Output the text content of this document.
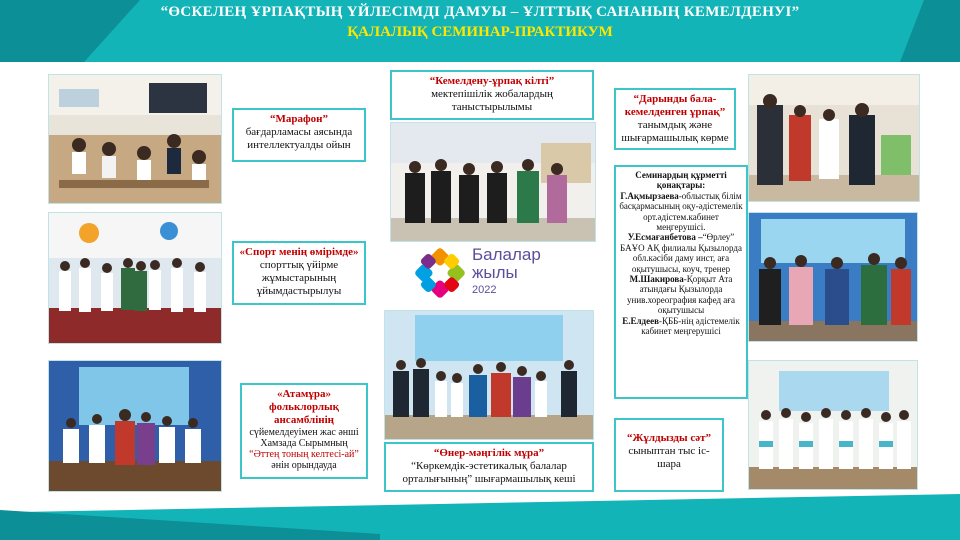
“ӨСКЕЛЕҢ ҰРПАҚТЫҢ ҮЙЛЕСІМДІ ДАМУЫ – ҰЛТТЫҚ САНАНЫҢ КЕМЕЛДЕНУІ”
ҚАЛАЛЫҚ СЕМИНАР-ПРАКТИКУМ
“Марафон”
бағдарламасы аясында интеллектуалды ойын
«Спорт менің өмірімде» спорттық үйірме жұмыстарының ұйымдастырылуы
«Атамұра» фольклорлық ансамблінің
сүйемелдеуімен жас әнші Хамзада Сырымның
“Әттең тоның келтесі-ай” әнін орындауда
“Кемелдену-ұрпақ кілті”
мектепішілік жобалардың таныстырылымы
Балалар
жылы
2022
“Өнер-мәңгілік мұра”
“Көркемдік-эстетикалық балалар орталығының” шығармашылық кеші
“Дарынды бала-кемелденген ұрпақ” танымдық және шығармашылық көрме
Семинардың құрметті қонақтары:
Г.Ақмырзаева-облыстық білім басқармасының оқу-әдістемелік орт.әдістем.кабинет меңгерушісі.
У.Есмағанбетова –“Өрлеу” БАҰО АҚ филиалы Қызылорда обл.кәсіби даму инст, аға оқытушысы, коуч, тренер
М.Шакирова-Қорқыт Ата атындағы Қызылорда унив.хореография кафед аға оқытушысы
Е.Елдеев-ҚББ-нің әдістемелік кабинет меңгерушісі
“Жұлдызды сәт”
сыныптан тыс іс-шара
